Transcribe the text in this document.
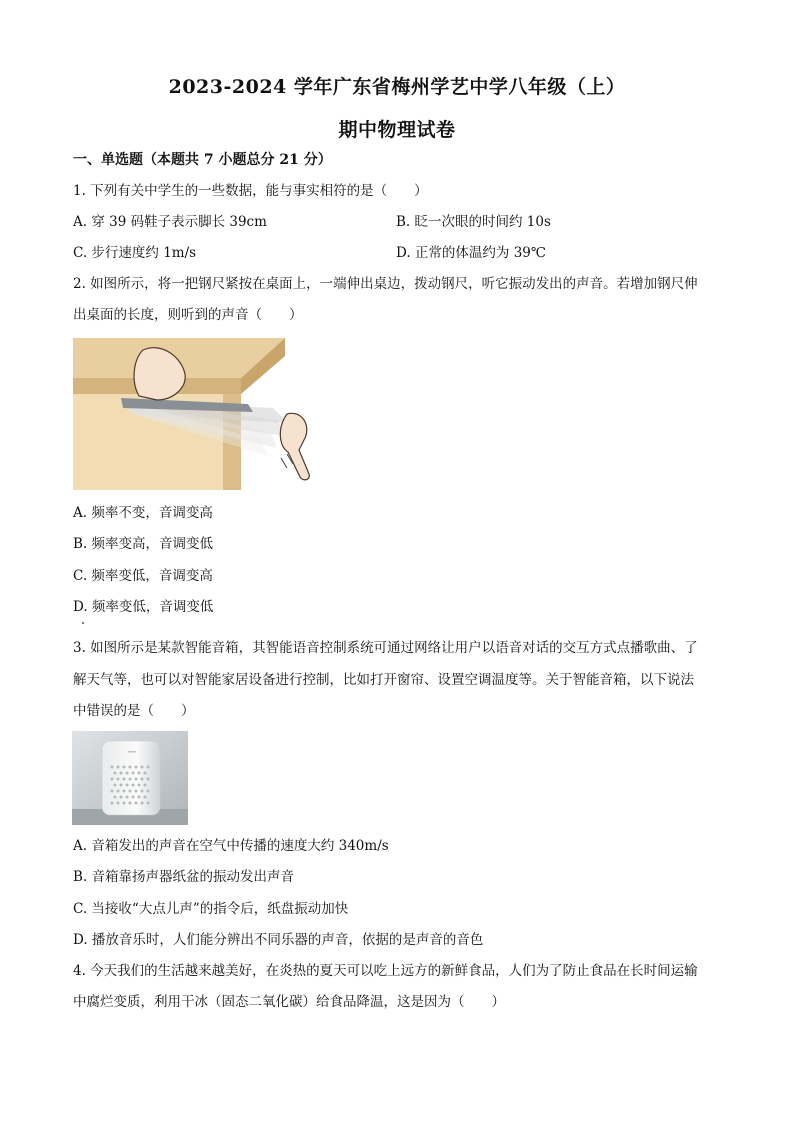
2023-2024 学年广东省梅州学艺中学八年级（上）
期中物理试卷
一、单选题（本题共 7 小题总分 21 分）
1. 下列有关中学生的一些数据，能与事实相符的是（　　）
A. 穿 39 码鞋子表示脚长 39cm	B. 眨一次眼的时间约 10s
C. 步行速度约 1m/s	D. 正常的体温约为 39℃
2. 如图所示，将一把钢尺紧按在桌面上，一端伸出桌边，拨动钢尺，听它振动发出的声音。若增加钢尺伸
出桌面的长度，则听到的声音（　　）
A. 频率不变，音调变高
B. 频率变高，音调变低
C. 频率变低，音调变高
D. 频率变低，音调变低
3. 如图所示是某款智能音箱，其智能语音控制系统可通过网络让用户以语音对话的交互方式点播歌曲、了
解天气等，也可以对智能家居设备进行控制，比如打开窗帘、设置空调温度等。关于智能音箱，以下说法
中错误的是（　　）
A. 音箱发出的声音在空气中传播的速度大约 340m/s
B. 音箱靠扬声器纸盆的振动发出声音
C. 当接收“大点儿声”的指令后，纸盘振动加快
D. 播放音乐时，人们能分辨出不同乐器的声音，依据的是声音的音色
4. 今天我们的生活越来越美好，在炎热的夏天可以吃上远方的新鲜食品，人们为了防止食品在长时间运输
中腐烂变质，利用干冰（固态二氧化碳）给食品降温，这是因为（　　）
